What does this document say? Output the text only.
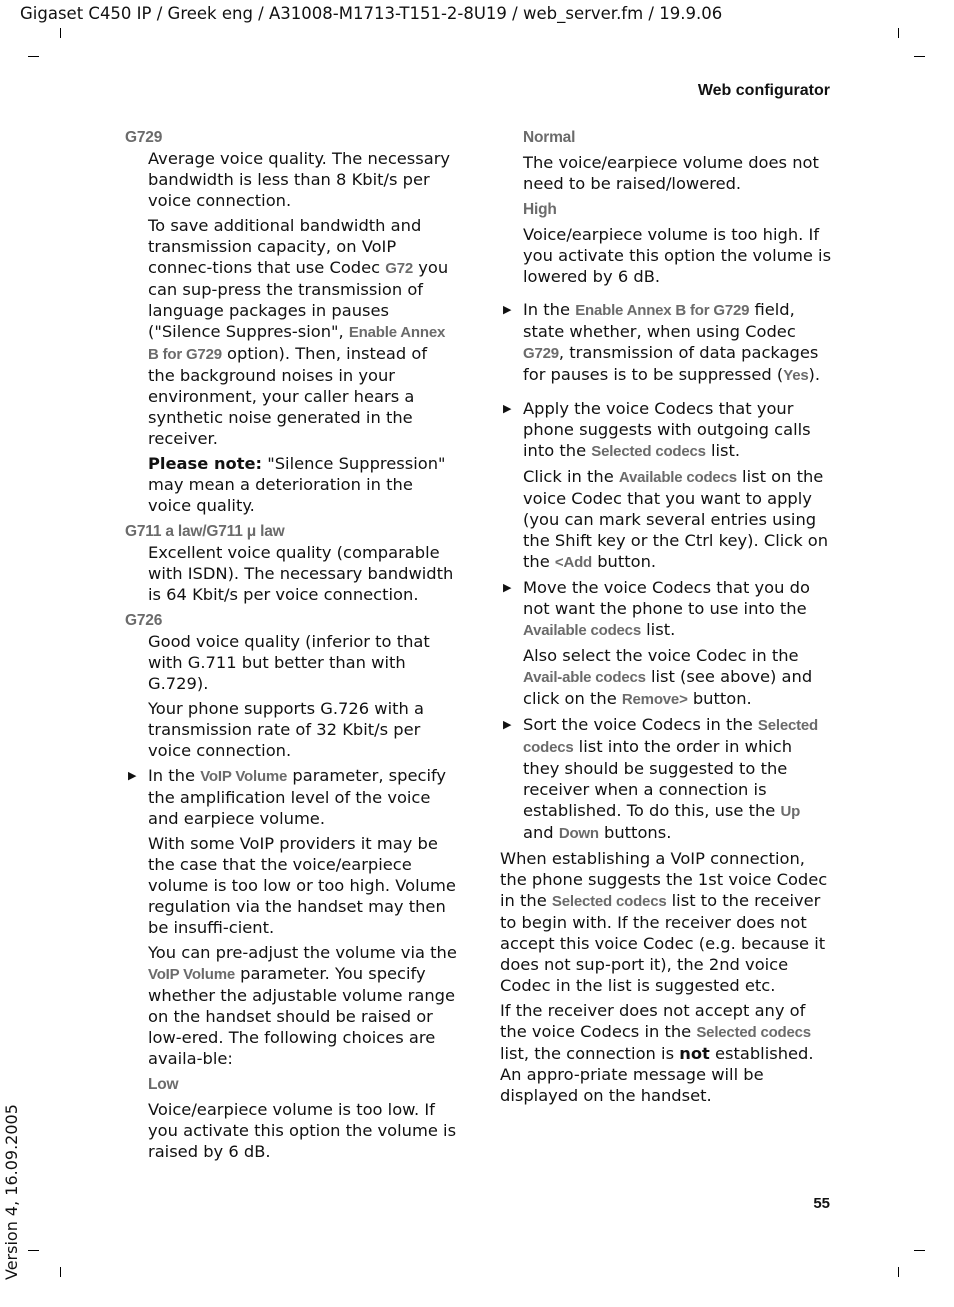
Gigaset C450 IP / Greek eng / A31008-M1713-T151-2-8U19 / web_server.fm / 19.9.06
Web configurator
55
Version 4, 16.09.2005

G729

Average voice quality. The necessary bandwidth is less than 8 Kbit/s per voice connection.

To save additional bandwidth and transmission capacity, on VoIP connec-tions that use Codec G72 you can sup-press the transmission of language packages in pauses ("Silence Suppres-sion", Enable Annex B for G729 option). Then, instead of the background noises in your environment, your caller hears a synthetic noise generated in the receiver.

Please note: "Silence Suppression" may mean a deterioration in the voice quality.

G711 a law/G711 μ law

Excellent voice quality (comparable with ISDN). The necessary bandwidth is 64 Kbit/s per voice connection.

G726

Good voice quality (inferior to that with G.711 but better than with G.729).

Your phone supports G.726 with a transmission rate of 32 Kbit/s per voice connection.

▶ In the VoIP Volume parameter, specify the amplification level of the voice and earpiece volume.

With some VoIP providers it may be the case that the voice/earpiece volume is too low or too high. Volume regulation via the handset may then be insuffi-cient.

You can pre-adjust the volume via the VoIP Volume parameter. You specify whether the adjustable volume range on the handset should be raised or low-ered. The following choices are availa-ble:

Low

Voice/earpiece volume is too low. If you activate this option the volume is raised by 6 dB.

Normal

The voice/earpiece volume does not need to be raised/lowered.

High

Voice/earpiece volume is too high. If you activate this option the volume is lowered by 6 dB.

▶ In the Enable Annex B for G729 field, state whether, when using Codec G729, transmission of data packages for pauses is to be suppressed (Yes).

▶ Apply the voice Codecs that your phone suggests with outgoing calls into the Selected codecs list.

Click in the Available codecs list on the voice Codec that you want to apply (you can mark several entries using the Shift key or the Ctrl key). Click on the <Add button.

▶ Move the voice Codecs that you do not want the phone to use into the Available codecs list.

Also select the voice Codec in the Avail-able codecs list (see above) and click on the Remove> button.

▶ Sort the voice Codecs in the Selected codecs list into the order in which they should be suggested to the receiver when a connection is established. To do this, use the Up and Down buttons.

When establishing a VoIP connection, the phone suggests the 1st voice Codec in the Selected codecs list to the receiver to begin with. If the receiver does not accept this voice Codec (e.g. because it does not sup-port it), the 2nd voice Codec in the list is suggested etc.

If the receiver does not accept any of the voice Codecs in the Selected codecs list, the connection is not established. An appro-priate message will be displayed on the handset.
